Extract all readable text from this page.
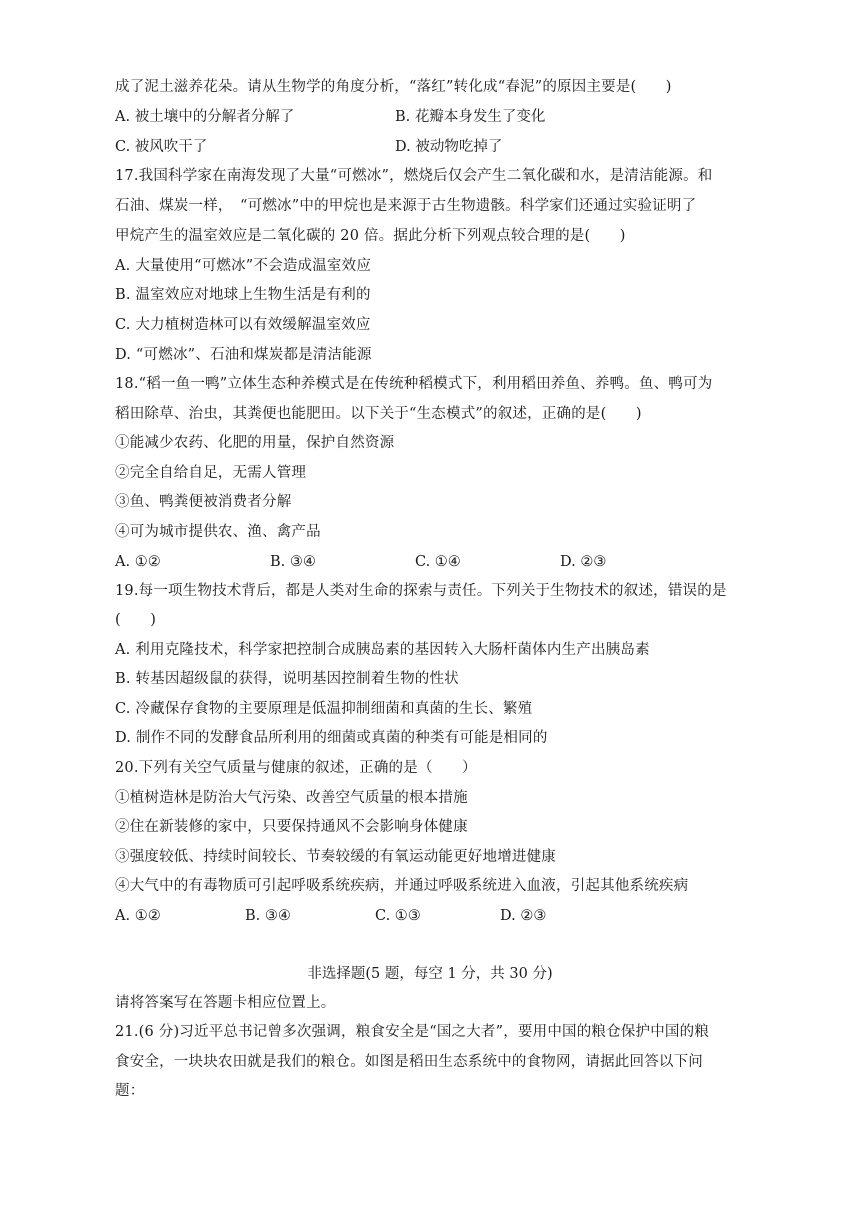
成了泥土滋养花朵。请从生物学的角度分析，“落红”转化成“春泥”的原因主要是(　　)
A. 被土壤中的分解者分解了	B. 花瓣本身发生了变化
C. 被风吹干了	D. 被动物吃掉了
17.我国科学家在南海发现了大量“可燃冰”，燃烧后仅会产生二氧化碳和水，是清洁能源。和
石油、煤炭一样，　“可燃冰”中的甲烷也是来源于古生物遗骸。科学家们还通过实验证明了
甲烷产生的温室效应是二氧化碳的 20 倍。据此分析下列观点较合理的是(　　)
A. 大量使用“可燃冰”不会造成温室效应
B. 温室效应对地球上生物生活是有利的
C. 大力植树造林可以有效缓解温室效应
D. “可燃冰”、石油和煤炭都是清洁能源
18.“稻一鱼一鸭”立体生态种养模式是在传统种稻模式下，利用稻田养鱼、养鸭。鱼、鸭可为
稻田除草、治虫，其粪便也能肥田。以下关于“生态模式”的叙述，正确的是(　　)
①能减少农药、化肥的用量，保护自然资源
②完全自给自足，无需人管理
③鱼、鸭粪便被消费者分解
④可为城市提供农、渔、禽产品
A. ①②	B. ③④	C. ①④	D. ②③
19.每一项生物技术背后，都是人类对生命的探索与责任。下列关于生物技术的叙述，错误的是
(　　)
A. 利用克隆技术，科学家把控制合成胰岛素的基因转入大肠杆菌体内生产出胰岛素
B. 转基因超级鼠的获得，说明基因控制着生物的性状
C. 冷藏保存食物的主要原理是低温抑制细菌和真菌的生长、繁殖
D. 制作不同的发酵食品所利用的细菌或真菌的种类有可能是相同的
20.下列有关空气质量与健康的叙述，正确的是（　　）
①植树造林是防治大气污染、改善空气质量的根本措施
②住在新装修的家中，只要保持通风不会影响身体健康
③强度较低、持续时间较长、节奏较缓的有氧运动能更好地增进健康
④大气中的有毒物质可引起呼吸系统疾病，并通过呼吸系统进入血液，引起其他系统疾病
A. ①②	B. ③④	C. ①③	D. ②③
非选择题(5 题，每空 1 分，共 30 分)
请将答案写在答题卡相应位置上。
21.(6 分)习近平总书记曾多次强调，粮食安全是“国之大者”，要用中国的粮仓保护中国的粮
食安全，一块块农田就是我们的粮仓。如图是稻田生态系统中的食物网，请据此回答以下问
题：
